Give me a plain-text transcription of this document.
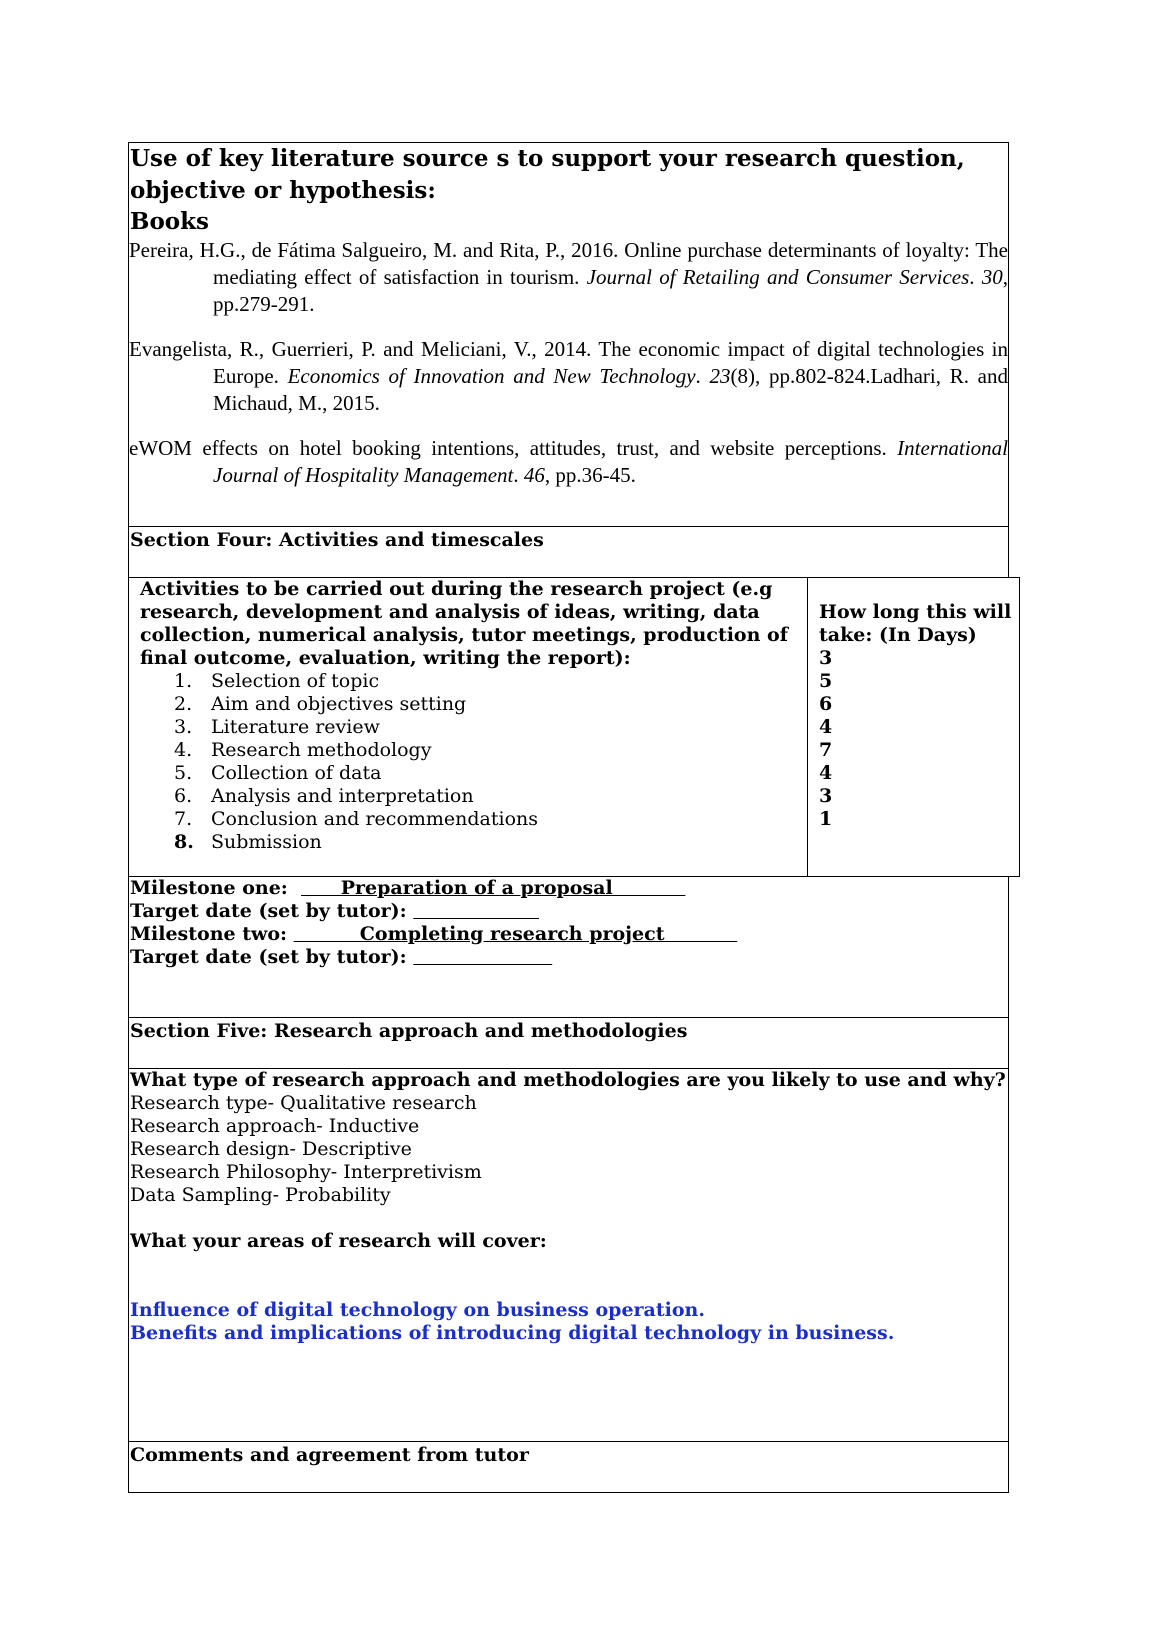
Use of key literature source s to support your research question, objective or hypothesis:

Books

Pereira, H.G., de Fátima Salgueiro, M. and Rita, P., 2016. Online purchase determinants of loyalty: The mediating effect of satisfaction in tourism. Journal of Retailing and Consumer Services. 30, pp.279-291.

Evangelista, R., Guerrieri, P. and Meliciani, V., 2014. The economic impact of digital technologies in Europe. Economics of Innovation and New Technology. 23(8), pp.802-824.Ladhari, R. and Michaud, M., 2015.

eWOM effects on hotel booking intentions, attitudes, trust, and website perceptions. International Journal of Hospitality Management. 46, pp.36-45.

Section Four: Activities and timescales

Activities to be carried out during the research project (e.g research, development and analysis of ideas, writing, data collection, numerical analysis, tutor meetings, production of final outcome, evaluation, writing the report):

1. Selection of topic
2. Aim and objectives setting
3. Literature review
4. Research methodology
5. Collection of data
6. Analysis and interpretation
7. Conclusion and recommendations
8. Submission
How long this will take: (In Days)
3
5
6
4
7
4
3
1
Milestone one:        Preparation of a proposal
Target date (set by tutor):
Milestone two:           Completing research project
Target date (set by tutor):
Section Five: Research approach and methodologies
What type of research approach and methodologies are you likely to use and why?
Research type- Qualitative research
Research approach- Inductive
Research design- Descriptive
Research Philosophy- Interpretivism
Data Sampling- Probability
What your areas of research will cover:
Influence of digital technology on business operation.
Benefits and implications of introducing digital technology in business.
Comments and agreement from tutor
